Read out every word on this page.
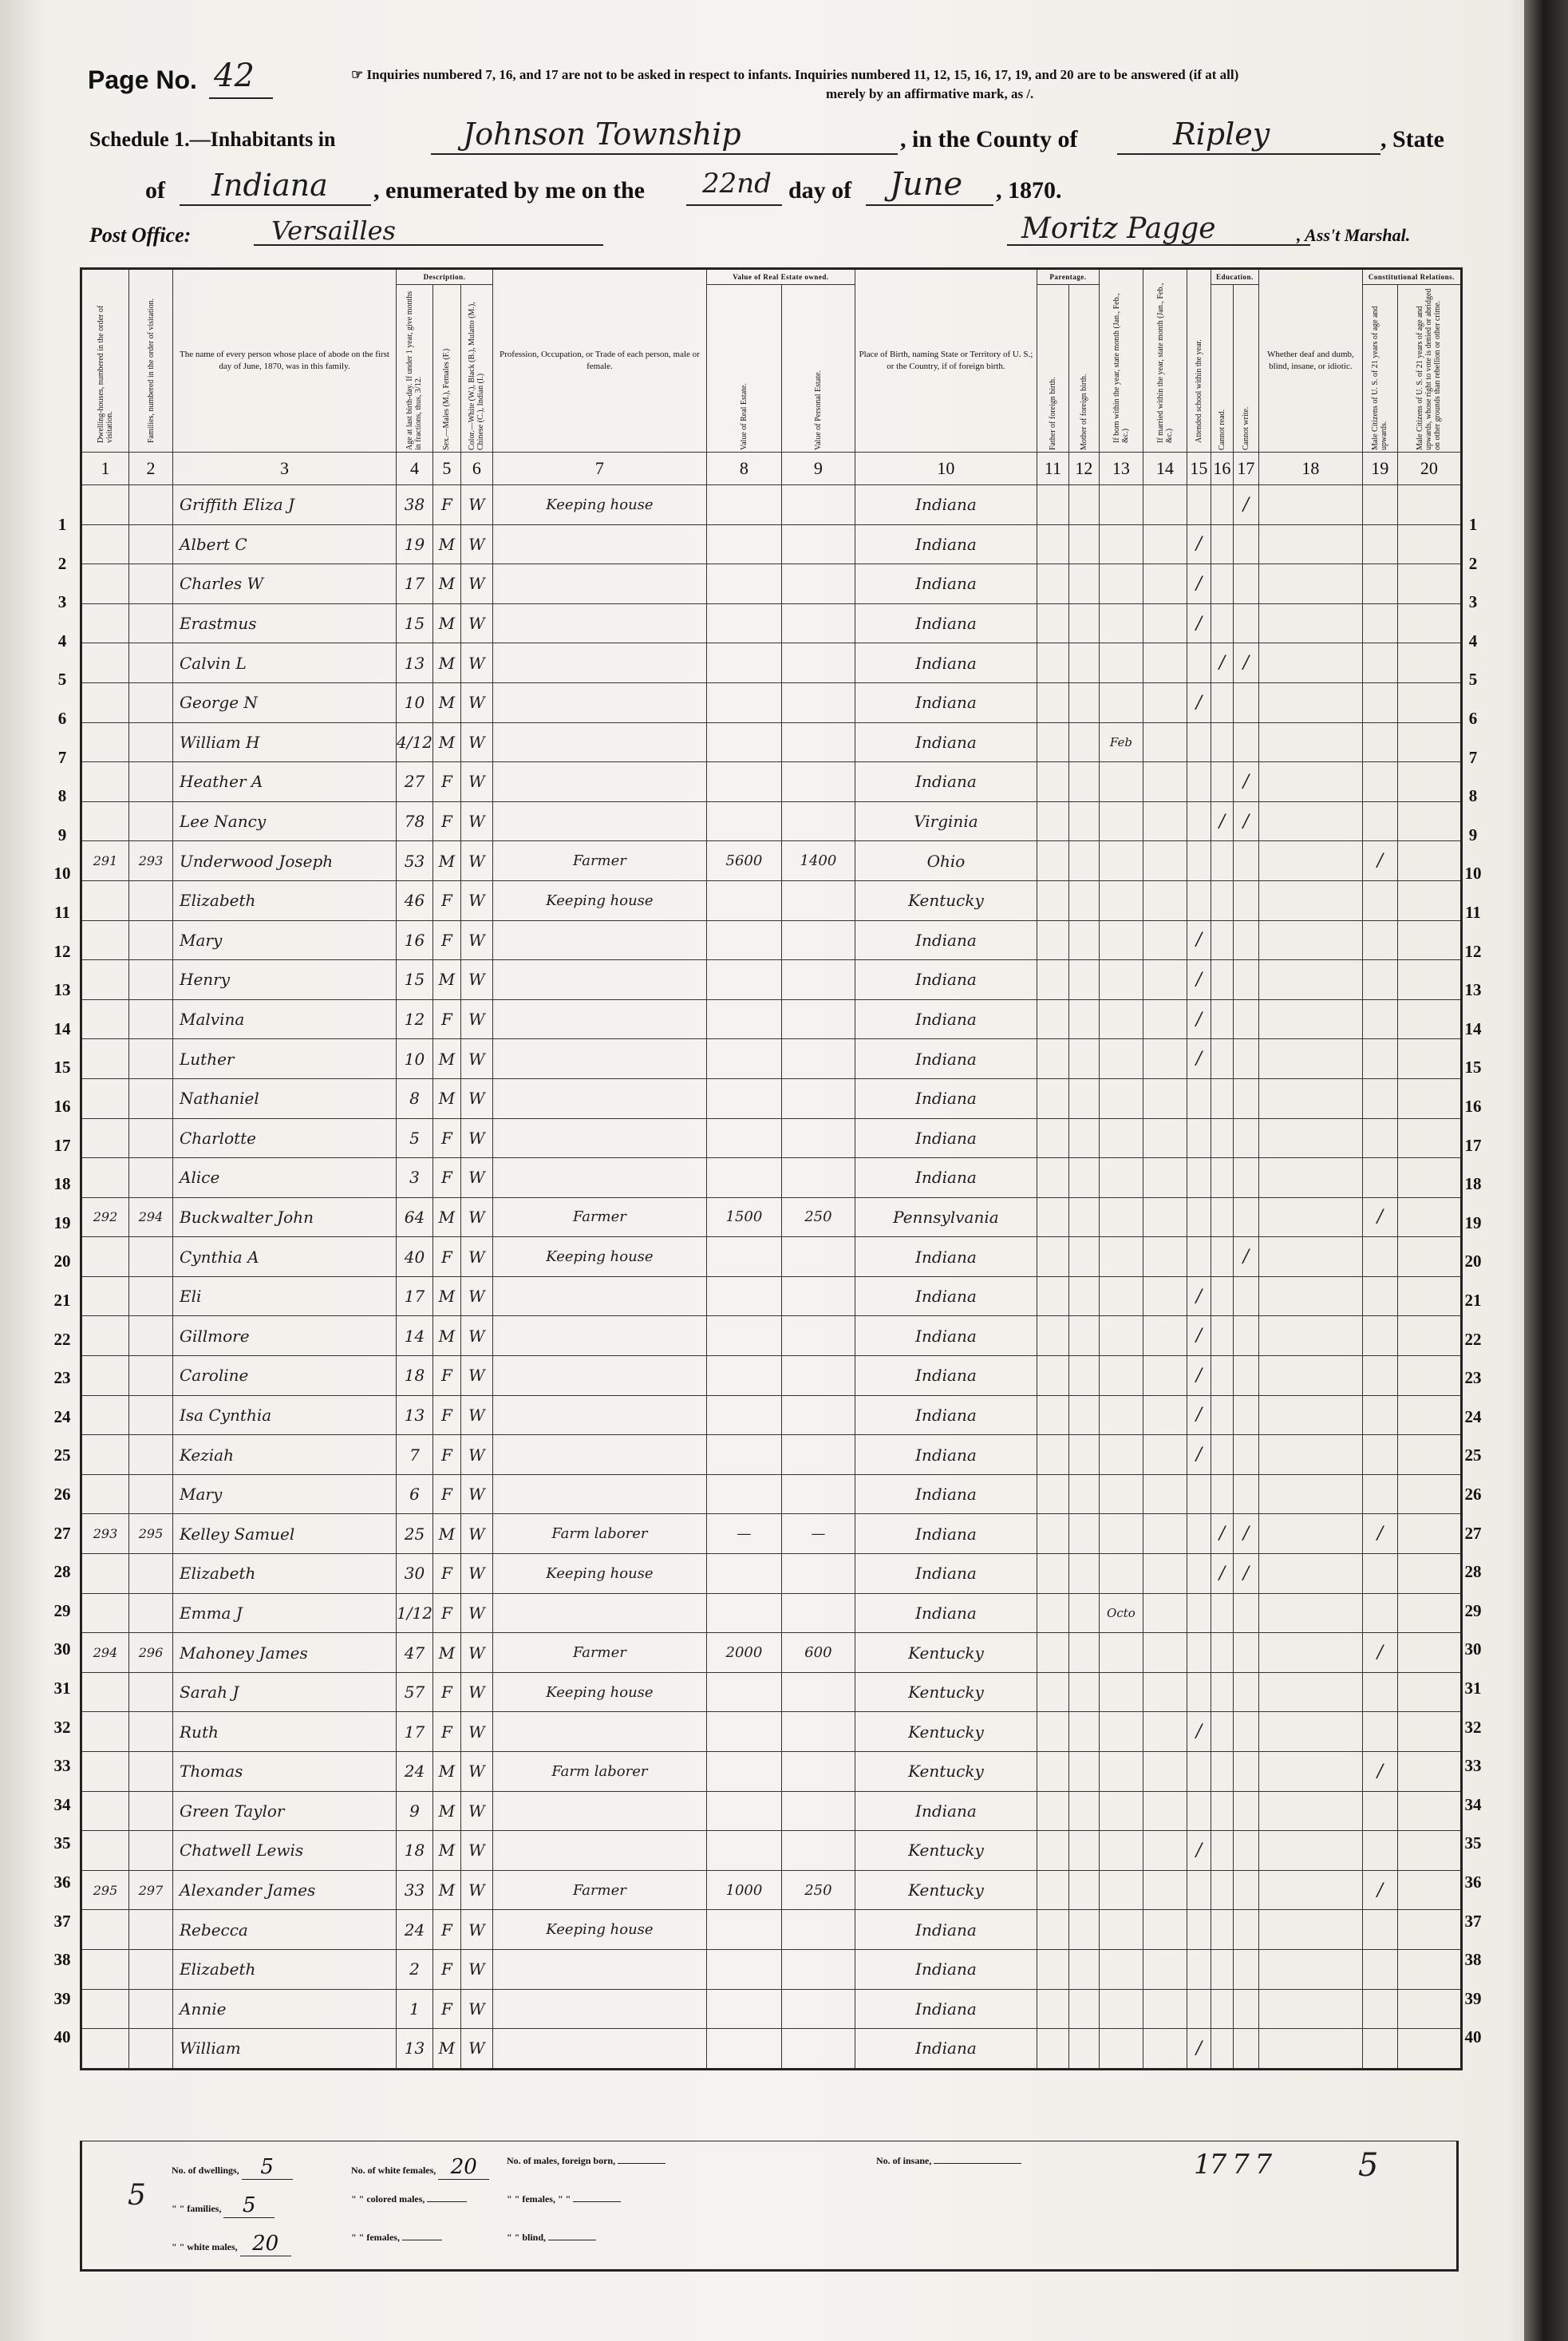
Page No. 42	☞ Inquiries numbered 7, 16, and 17 are not to be asked in respect to infants. Inquiries numbered 11, 12, 15, 16, 17, 19, and 20 are to be answered (if at all)
merely by an affirmative mark, as /.
Schedule 1.—Inhabitants in	Johnson Township	, in the County of	Ripley	, State
of Indiana , enumerated by me on the 22nd day of June , 1870.
Post Office:	Versailles	Moritz Pagge	, Ass't Marshal.
1
2
3
4
5
6
7
8
9
10
11
12
13
14
15
16
17
18
19
20
21
22
23
24
25
26
27
28
29
30
31
32
33
34
35
36
37
38
39
40
1
2
3
4
5
6
7
8
9
10
11
12
13
14
15
16
17
18
19
20
21
22
23
24
25
26
27
28
29
30
31
32
33
34
35
36
37
38
39
40
Dwelling-houses, numbered in the order of visitation.	Families, numbered in the order of visitation.	The name of every person whose place of abode on the first day of June, 1870, was in this family.	Description.			Profession, Occupation, or Trade of each person, male or female.	Value of Real Estate owned.		Place of Birth, naming State or Territory of U. S.; or the Country, if of foreign birth.	Parentage.		If born within the year, state month (Jan., Feb., &c.)	If married within the year, state month (Jan., Feb., &c.)	Attended school within the year.	Education.		Whether deaf and dumb, blind, insane, or idiotic.	Constitutional Relations.	

			Age at last birth-day. If under 1 year, give months in fractions, thus, 3/12.	Sex.—Males (M.), Females (F.)	Color.—White (W.), Black (B.), Mulatto (M.), Chinese (C.), Indian (I.)		Value of Real Estate.	Value of Personal Estate.		Father of foreign birth.	Mother of foreign birth.				Cannot read.	Cannot write.		Male Citizens of U. S. of 21 years of age and upwards.	Male Citizens of U. S. of 21 years of age and upwards, whose right to vote is denied or abridged on other grounds than rebellion or other crime.

1	2	3	4	5	6	7	8	9	10	11	12	13	14	15	16	17	18	19	20
		Griffith Eliza J	38	F	W	Keeping house			Indiana							/			
		Albert C	19	M	W				Indiana					/					
		Charles W	17	M	W				Indiana					/					
		Erastmus	15	M	W				Indiana					/					
		Calvin L	13	M	W				Indiana						/	/			
		George N	10	M	W				Indiana					/					
		William H	4/12	M	W				Indiana			Feb							
		Heather A	27	F	W				Indiana							/			
		Lee Nancy	78	F	W				Virginia						/	/			
291	293	Underwood Joseph	53	M	W	Farmer	5600	1400	Ohio									/	
		Elizabeth	46	F	W	Keeping house			Kentucky										
		Mary	16	F	W				Indiana					/					
		Henry	15	M	W				Indiana					/					
		Malvina	12	F	W				Indiana					/					
		Luther	10	M	W				Indiana					/					
		Nathaniel	8	M	W				Indiana										
		Charlotte	5	F	W				Indiana										
		Alice	3	F	W				Indiana										
292	294	Buckwalter John	64	M	W	Farmer	1500	250	Pennsylvania									/	
		Cynthia A	40	F	W	Keeping house			Indiana							/			
		Eli	17	M	W				Indiana					/					
		Gillmore	14	M	W				Indiana					/					
		Caroline	18	F	W				Indiana					/					
		Isa Cynthia	13	F	W				Indiana					/					
		Keziah	7	F	W				Indiana					/					
		Mary	6	F	W				Indiana										
293	295	Kelley Samuel	25	M	W	Farm laborer	—	—	Indiana						/	/		/	
		Elizabeth	30	F	W	Keeping house			Indiana						/	/			
		Emma J	1/12	F	W				Indiana			Octo							
294	296	Mahoney James	47	M	W	Farmer	2000	600	Kentucky									/	
		Sarah J	57	F	W	Keeping house			Kentucky										
		Ruth	17	F	W				Kentucky					/					
		Thomas	24	M	W	Farm laborer			Kentucky									/	
		Green Taylor	9	M	W				Indiana										
		Chatwell Lewis	18	M	W				Kentucky					/					
295	297	Alexander James	33	M	W	Farmer	1000	250	Kentucky									/	
		Rebecca	24	F	W	Keeping house			Indiana										
		Elizabeth	2	F	W				Indiana										
		Annie	1	F	W				Indiana										
		William	13	M	W				Indiana					/					
No. of dwellings, 5
" " families, 5
" " white males, 20
No. of white females, 20
" " colored males,
" " females,
No. of males, foreign born,
" " females, " "
" " blind,
No. of insane,
5
17 7 7	5
